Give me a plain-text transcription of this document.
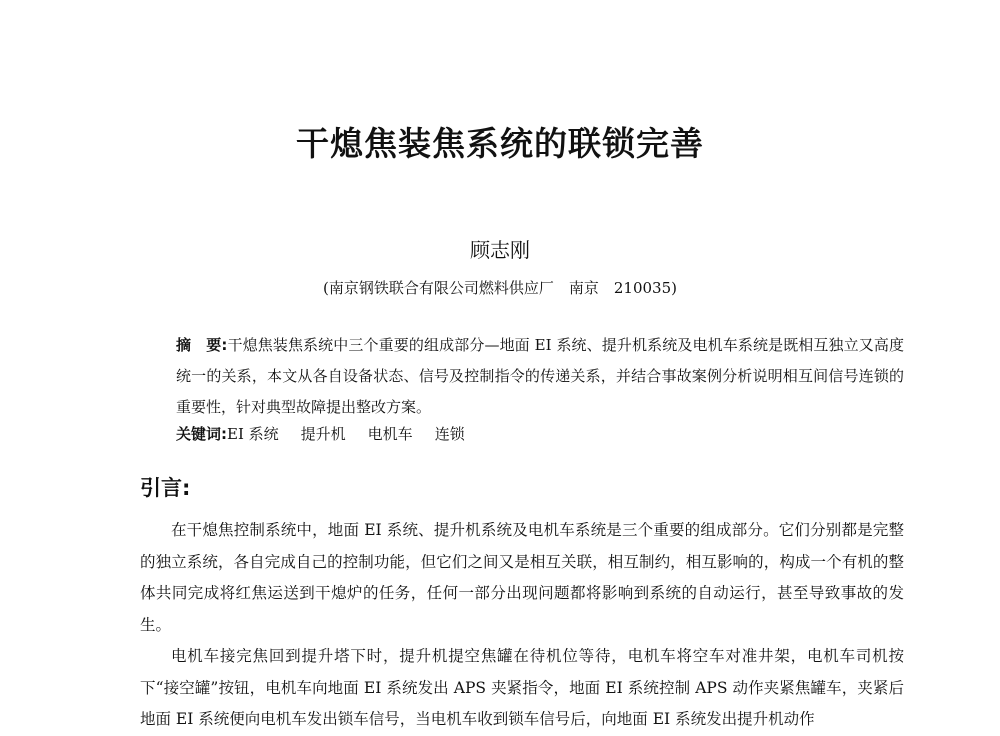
干熄焦装焦系统的联锁完善
顾志刚
(南京钢铁联合有限公司燃料供应厂　南京　210035)
摘　要:干熄焦装焦系统中三个重要的组成部分—地面 EI 系统、提升机系统及电机车系统是既相互独立又高度统一的关系，本文从各自设备状态、信号及控制指令的传递关系，并结合事故案例分析说明相互间信号连锁的重要性，针对典型故障提出整改方案。
关键词:EI 系统 提升机 电机车 连锁
引言:

在干熄焦控制系统中，地面 EI 系统、提升机系统及电机车系统是三个重要的组成部分。它们分别都是完整的独立系统，各自完成自己的控制功能，但它们之间又是相互关联，相互制约，相互影响的，构成一个有机的整体共同完成将红焦运送到干熄炉的任务，任何一部分出现问题都将影响到系统的自动运行，甚至导致事故的发生。

电机车接完焦回到提升塔下时，提升机提空焦罐在待机位等待，电机车将空车对准井架，电机车司机按下“接空罐”按钮，电机车向地面 EI 系统发出 APS 夹紧指令，地面 EI 系统控制 APS 动作夹紧焦罐车，夹紧后地面 EI 系统便向电机车发出锁车信号，当电机车收到锁车信号后，向地面 EI 系统发出提升机动作
